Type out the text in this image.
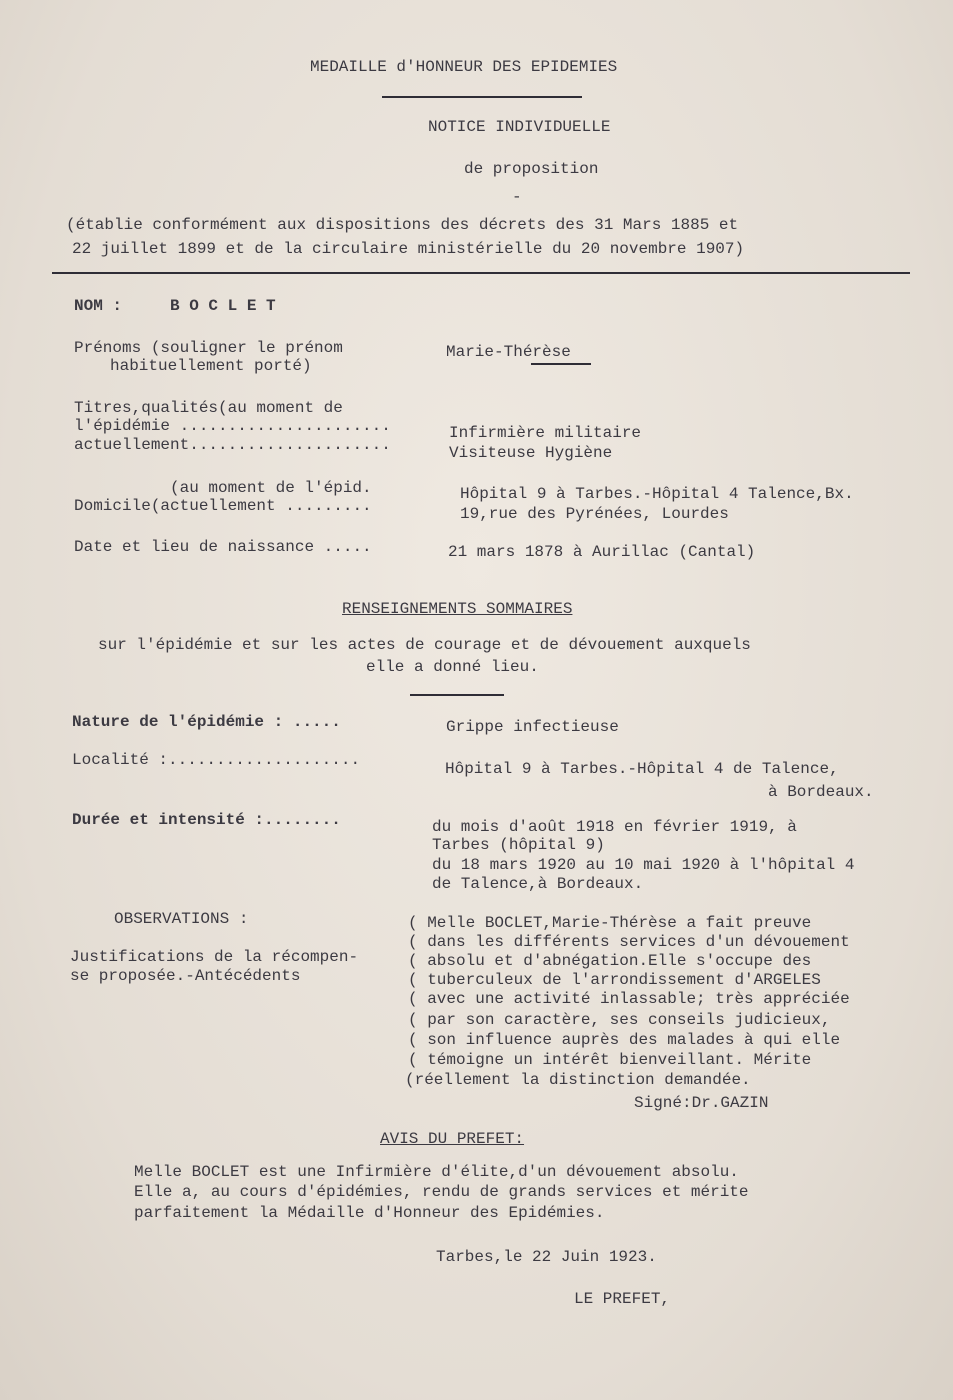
MEDAILLE d'HONNEUR DES EPIDEMIES
NOTICE INDIVIDUELLE
de proposition
-
(établie conformément aux dispositions des décrets des 31 Mars 1885 et
22 juillet 1899 et de la circulaire ministérielle du 20 novembre 1907)
NOM :	B O C L E T
Prénoms (souligner le prénom
habituellement porté)
Marie-Thérèse
Titres,qualités(au moment de
l'épidémie ......................
actuellement.....................
Infirmière militaire
Visiteuse Hygiène
(au moment de l'épid.
Domicile(actuellement .........
Hôpital 9 à Tarbes.-Hôpital 4 Talence,Bx.
19,rue des Pyrénées, Lourdes
Date et lieu de naissance .....	21 mars 1878 à Aurillac (Cantal)
RENSEIGNEMENTS SOMMAIRES
sur l'épidémie et sur les actes de courage et de dévouement auxquels
elle a donné lieu.
Nature de l'épidémie : .....	Grippe infectieuse
Localité :....................	Hôpital 9 à Tarbes.-Hôpital 4 de Talence,
à Bordeaux.
Durée et intensité :........	du mois d'août 1918 en février 1919, à
Tarbes (hôpital 9)
du 18 mars 1920 au 10 mai 1920 à l'hôpital 4
de Talence,à Bordeaux.
OBSERVATIONS :
Justifications de la récompen-
se proposée.-Antécédents
( Melle BOCLET,Marie-Thérèse a fait preuve
( dans les différents services d'un dévouement
( absolu et d'abnégation.Elle s'occupe des
( tuberculeux de l'arrondissement d'ARGELES
( avec une activité inlassable; très appréciée
( par son caractère, ses conseils judicieux,
( son influence auprès des malades à qui elle
( témoigne un intérêt bienveillant. Mérite
(réellement la distinction demandée.
Signé:Dr.GAZIN
AVIS DU PREFET:
Melle BOCLET est une Infirmière d'élite,d'un dévouement absolu.
Elle a, au cours d'épidémies, rendu de grands services et mérite
parfaitement la Médaille d'Honneur des Epidémies.
Tarbes,le 22 Juin 1923.
LE PREFET,
